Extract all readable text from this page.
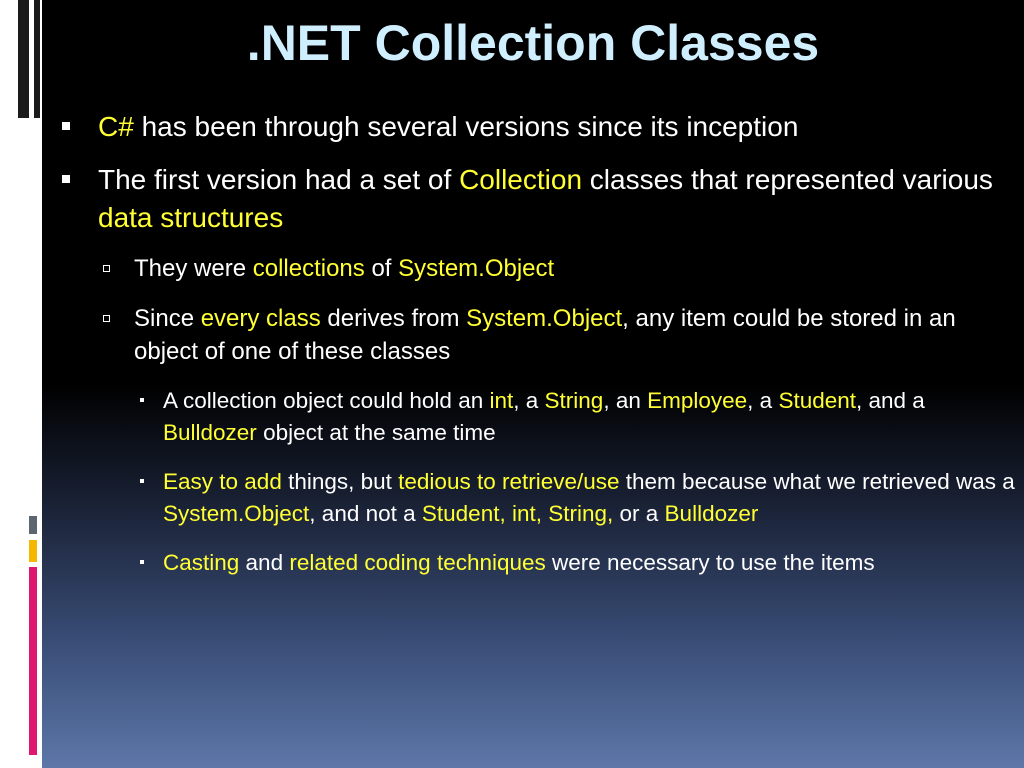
.NET Collection Classes
C# has been through several versions since its inception
The first version had a set of Collection classes that represented various data structures
They were collections of System.Object
Since every class derives from System.Object, any item could be stored in an object of one of these classes
A collection object could hold an int, a String, an Employee, a Student, and a Bulldozer object at the same time
Easy to add things, but tedious to retrieve/use them because what we retrieved was a System.Object, and not a Student, int, String, or a Bulldozer
Casting and related coding techniques were necessary to use the items
